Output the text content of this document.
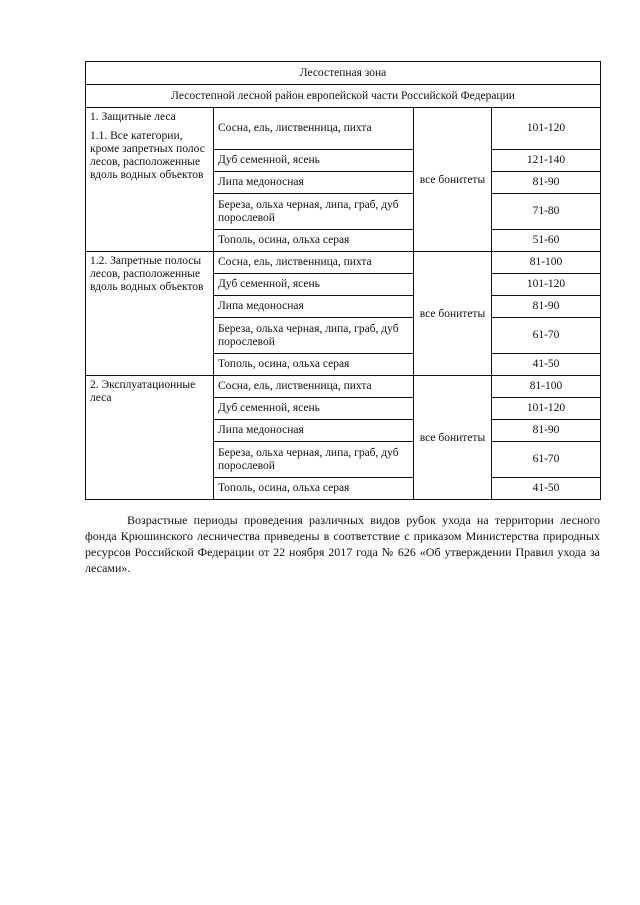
Лесостепная зона			
Лесостепной лесной район европейской части Российской Федерации			

1. Защитные леса

1.1. Все категории, кроме запретных полос лесов, расположенные вдоль водных объектов	Сосна, ель, лиственница, пихта	все бонитеты	101-120
	Дуб семенной, ясень		121-140
	Липа медоносная		81-90
	Береза, ольха черная, липа, граб, дуб порослевой		71-80
	Тополь, осина, ольха серая		51-60

1.2. Запретные полосы лесов, расположенные вдоль водных объектов	Сосна, ель, лиственница, пихта	все бонитеты	81-100
	Дуб семенной, ясень		101-120
	Липа медоносная		81-90
	Береза, ольха черная, липа, граб, дуб порослевой		61-70
	Тополь, осина, ольха серая		41-50

2. Эксплуатационные леса	Сосна, ель, лиственница, пихта	все бонитеты	81-100
	Дуб семенной, ясень		101-120
	Липа медоносная		81-90
	Береза, ольха черная, липа, граб, дуб порослевой		61-70
	Тополь, осина, ольха серая		41-50

Возрастные периоды проведения различных видов рубок ухода на территории лесного фонда Крюшинского лесничества приведены в соответствие с приказом Министерства природных ресурсов Российской Федерации от 22 ноября 2017 года № 626 «Об утверждении Правил ухода за лесами».
